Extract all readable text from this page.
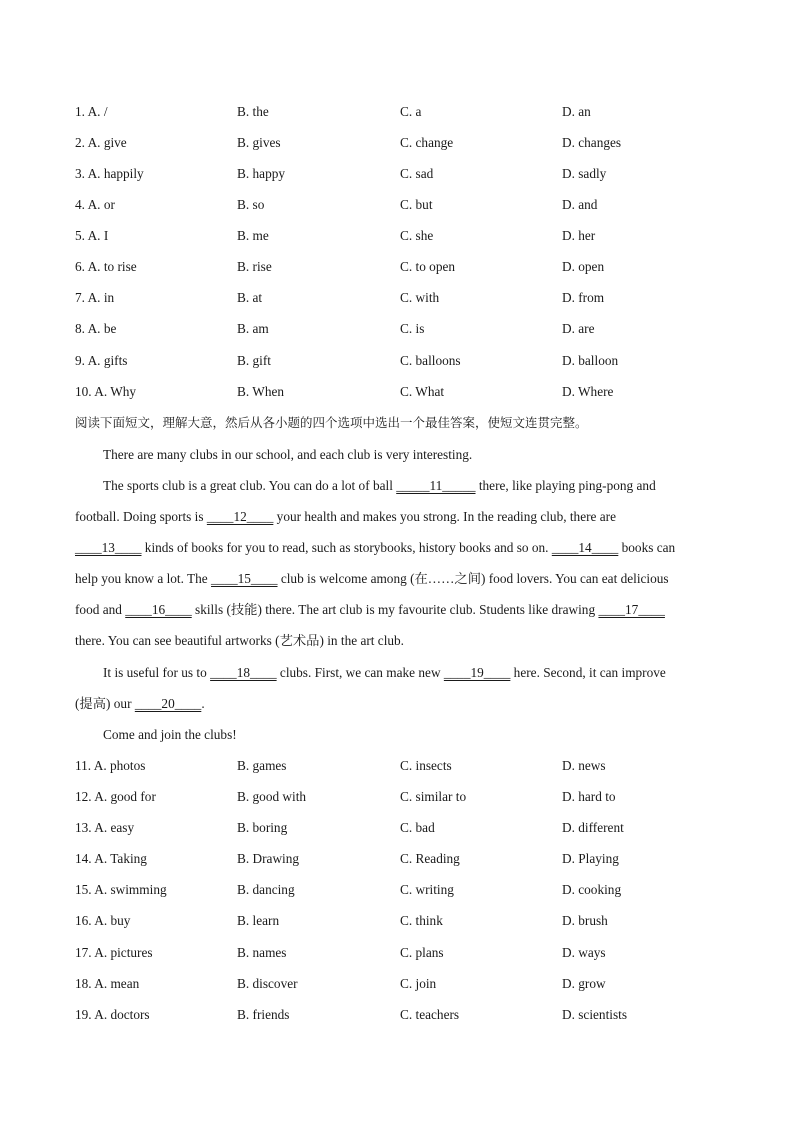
1. A. /	B. the	C. a	D. an
2. A. give	B. gives	C. change	D. changes
3. A. happily	B. happy	C. sad	D. sadly
4. A. or	B. so	C. but	D. and
5. A. I	B. me	C. she	D. her
6. A. to rise	B. rise	C. to open	D. open
7. A. in	B. at	C. with	D. from
8. A. be	B. am	C. is	D. are
9. A. gifts	B. gift	C. balloons	D. balloon
10. A. Why	B. When	C. What	D. Where
阅读下面短文，理解大意，然后从各小题的四个选项中选出一个最佳答案，使短文连贯完整。
There are many clubs in our school, and each club is very interesting.
The sports club is a great club. You can do a lot of ball _____11_____ there, like playing ping-pong and
football. Doing sports is ____12____ your health and makes you strong. In the reading club, there are
____13____ kinds of books for you to read, such as storybooks, history books and so on. ____14____ books can
help you know a lot. The ____15____ club is welcome among (在……之间) food lovers. You can eat delicious
food and ____16____ skills (技能) there. The art club is my favourite club. Students like drawing ____17____
there. You can see beautiful artworks (艺术品) in the art club.
It is useful for us to ____18____ clubs. First, we can make new ____19____ here. Second, it can improve
(提高) our ____20____.
Come and join the clubs!
11. A. photos	B. games	C. insects	D. news
12. A. good for	B. good with	C. similar to	D. hard to
13. A. easy	B. boring	C. bad	D. different
14. A. Taking	B. Drawing	C. Reading	D. Playing
15. A. swimming	B. dancing	C. writing	D. cooking
16. A. buy	B. learn	C. think	D. brush
17. A. pictures	B. names	C. plans	D. ways
18. A. mean	B. discover	C. join	D. grow
19. A. doctors	B. friends	C. teachers	D. scientists
